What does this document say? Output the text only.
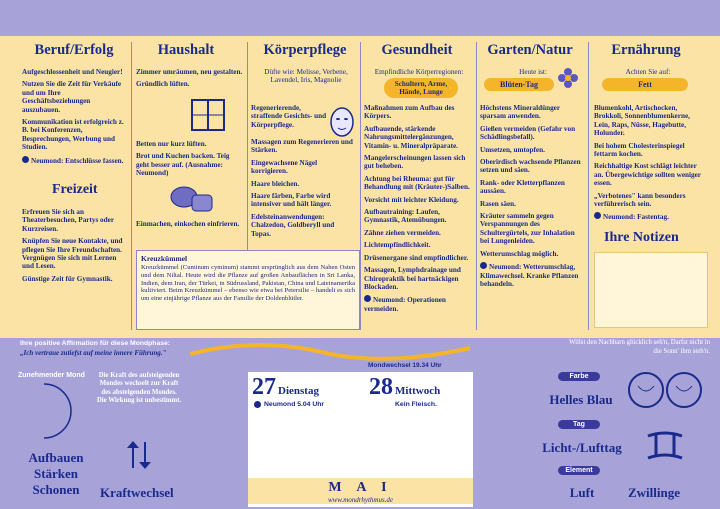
Beruf/Erfolg	Haushalt	Körperpflege	Gesundheit	Garten/Natur	Ernährung

Aufgeschlossenheit und Neugier!

Nutzen Sie die Zeit für Verkäufe und um Ihre Geschäftsbeziehungen auszubauen.

Kommunikation ist erfolgreich z. B. bei Konferenzen, Besprechungen, Werbung und Studien.

Neumond: Entschlüsse fassen.

Freizeit

Erfreuen Sie sich an Theaterbesuchen, Partys oder Kurzreisen.

Knüpfen Sie neue Kontakte, und pflegen Sie Ihre Freundschaften. Vergnügen Sie sich mit Lernen und Lesen.

Günstige Zeit für Gymnastik.

Zimmer umräumen, neu gestalten.

Gründlich lüften.

Betten nur kurz lüften.

Brot und Kuchen backen. Teig geht besser auf. (Ausnahme: Neumond)

Einmachen, einkochen einfrieren.

Düfte wie: Melisse, Verbene, Lavendel, Iris, Magnolie

Regenerierende, straffende Gesichts- und Körperpflege.

Massagen zum Regenerieren und Stärken.

Eingewachsene Nägel korrigieren.

Haare bleichen.

Haare färben, Farbe wird intensiver und hält länger.

Edelsteinanwendungen: Chalzedon, Goldberyll und Topas.

Kreuzkümmel
Kreuzkümmel (Cuminum cyminum) stammt ursprünglich aus dem Nahen Osten und dem Niltal. Heute wird die Pflanze auf großen Anbauflächen in Sri Lanka, Indien, dem Iran, der Türkei, in Südrussland, Pakistan, China und Lateinamerika kultiviert. Beim Kreuzkümmel – ebenso wie etwa bei Petersilie – handelt es sich um eine einjährige Pflanze aus der Familie der Doldenblütler.
Empfindliche Körperregionen:
Schultern, Arme, Hände, Lunge

Maßnahmen zum Aufbau des Körpers.

Aufbauende, stärkende Nahrungsmittelergänzungen, Vitamin- u. Mineralpräparate.

Mangelerscheinungen lassen sich gut beheben.

Achtung bei Rheuma: gut für Behandlung mit (Kräuter-)Salben.

Vorsicht mit leichter Kleidung.

Aufbautraining: Laufen, Gymnastik, Atemübungen.

Zähne ziehen vermeiden.

Lichtempfindlichkeit.

Drüsenorgane sind empfindlicher.

Massagen, Lymphdrainage und Chiropraktik bei hartnäckigen Blockaden.

Neumond: Operationen vermeiden.

Heute ist:
Blüten-Tag

Höchstens Mineraldünger sparsam anwenden.

Gießen vermeiden (Gefahr von Schädlingsbefall).

Umsetzen, umtopfen.

Oberirdisch wachsende Pflanzen setzen und säen.

Rank- oder Kletterpflanzen aussäen.

Rasen säen.

Kräuter sammeln gegen Verspannungen des Schultergürtels, zur Inhalation bei Lungenleiden.

Wetterumschlag möglich.

Neumond: Wetterumschlag, Klimawechsel. Kranke Pflanzen behandeln.

Achten Sie auf:
Fett

Blumenkohl, Artischocken, Brokkoli, Sonnenblumenkerne, Lein, Raps, Nüsse, Hagebutte, Holunder.

Bei hohem Cholesterinspiegel fettarm kochen.

Reichhaltige Kost schlägt leichter an. Übergewichtige sollten weniger essen.

„Verbotenes" kann besonders verführerisch sein.

Neumond: Fastentag.

Ihre Notizen
Ihre positive Affirmation für diese Mondphase:
„Ich vertraue zutiefst auf meine innere Führung."
Willst den Nachbarn glücklich seh'n, Darfst nicht in die Sonn' ihm steh'n.
Zunehmender Mond
Aufbauen
Stärken
Schonen
Die Kraft des aufsteigenden Mondes wechselt zur Kraft des absteigenden Mondes. Die Wirkung ist unbestimmt.
Kraftwechsel
Mondwechsel 19.34 Uhr
27 Dienstag
Neumond 5.04 Uhr
28 Mittwoch
Kein Fleisch.
M A I
www.mondrhythmus.de
Farbe
Helles Blau
Tag
Licht-/Lufttag
Element
Luft	Zwillinge
